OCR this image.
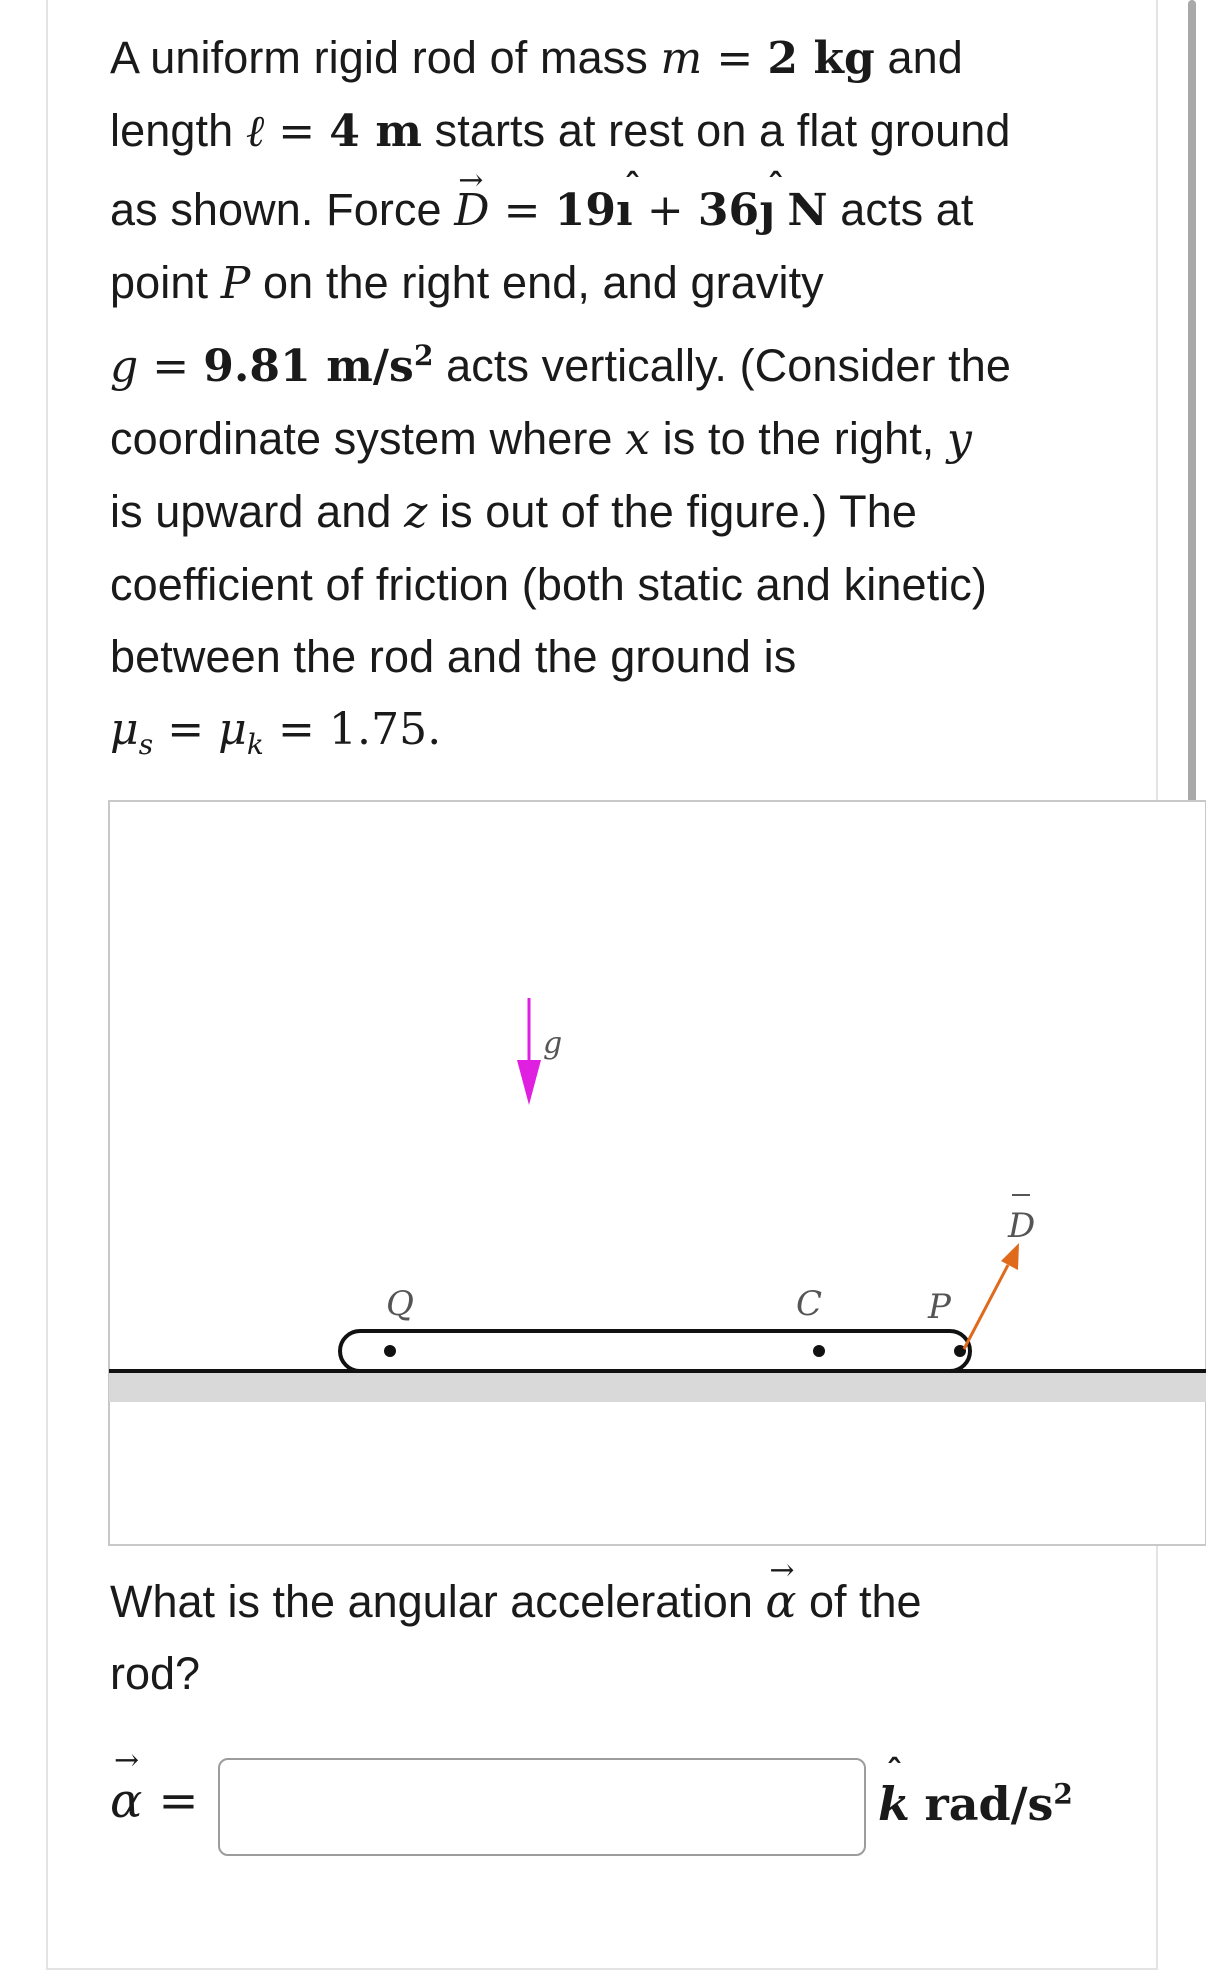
A uniform rigid rod of mass m = 2 kg and

length ℓ = 4 m starts at rest on a flat ground

as shown. Force → D = 19ˆ ı + 36ˆ ȷ N acts at

point P on the right end, and gravity

g = 9.81 $m/s^2$ acts vertically. (Consider the

coordinate system where x is to the right, y

is upward and z is out of the figure.) The

coefficient of friction (both static and kinetic)

between the rod and the ground is

$\mu_s = \mu_k = 1.75$.

g
Q	C	P
D
What is the angular acceleration → α of the rod?
→ α =
ˆ	k rad/$s^2$
